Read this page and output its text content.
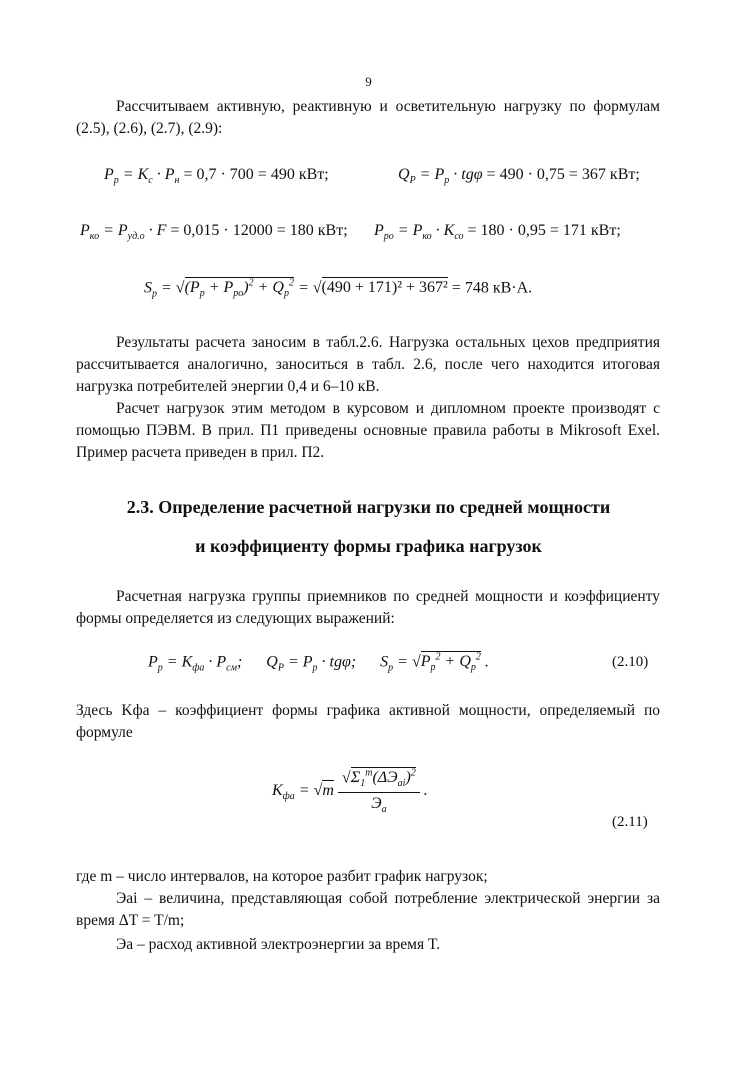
9
Рассчитываем активную, реактивную и осветительную нагрузку по формулам (2.5), (2.6), (2.7), (2.9):
$P_р = K_с \cdot P_н = 0,7 \cdot 700 = 490$ кВт;	$Q_P = P_р \cdot tg\varphi = 490 \cdot 0,75 = 367$ кВт;
$P_{ко} = P_{уд.о} \cdot F = 0,015 \cdot 12000 = 180$ кВт; $P_{ро} = P_{ко} \cdot K_{со} = 180 \cdot 0,95 = 171$ кВт;
$S_р = √(P_р + P_{ро})^2 + Q_р^2 = √(490 + 171)^2 + 367^2 = 748$ кВ·А.
Результаты расчета заносим в табл.2.6. Нагрузка остальных цехов предприятия рассчитывается аналогично, заноситься в табл. 2.6, после чего находится итоговая нагрузка потребителей энергии 0,4 и 6–10 кВ.
Расчет нагрузок этим методом в курсовом и дипломном проекте производят с помощью ПЭВМ. В прил. П1 приведены основные правила работы в Mikrosoft Exel. Пример расчета приведен в прил. П2.
2.3. Определение расчетной нагрузки по средней мощности
и коэффициенту формы графика нагрузок
Расчетная нагрузка группы приемников по средней мощности и коэффициенту формы определяется из следующих выражений:
$P_р = K_{фа} \cdot P_{см}$;      $Q_P = P_р \cdot tg\varphi$;      $S_р = √P_р^2 + Q_р^2$ .	(2.10)
Здесь Kфа – коэффициент формы графика активной мощности, определяемый по формуле
$K_{фа} = √m \frac{√\Sigma_1^m(\Delta Э_{аi})^2}{Э_а}$ .
(2.11)
где m – число интервалов, на которое разбит график нагрузок;
Эаi – величина, представляющая собой потребление электрической энергии за время ΔT = T/m;
Эа – расход активной электроэнергии за время T.
